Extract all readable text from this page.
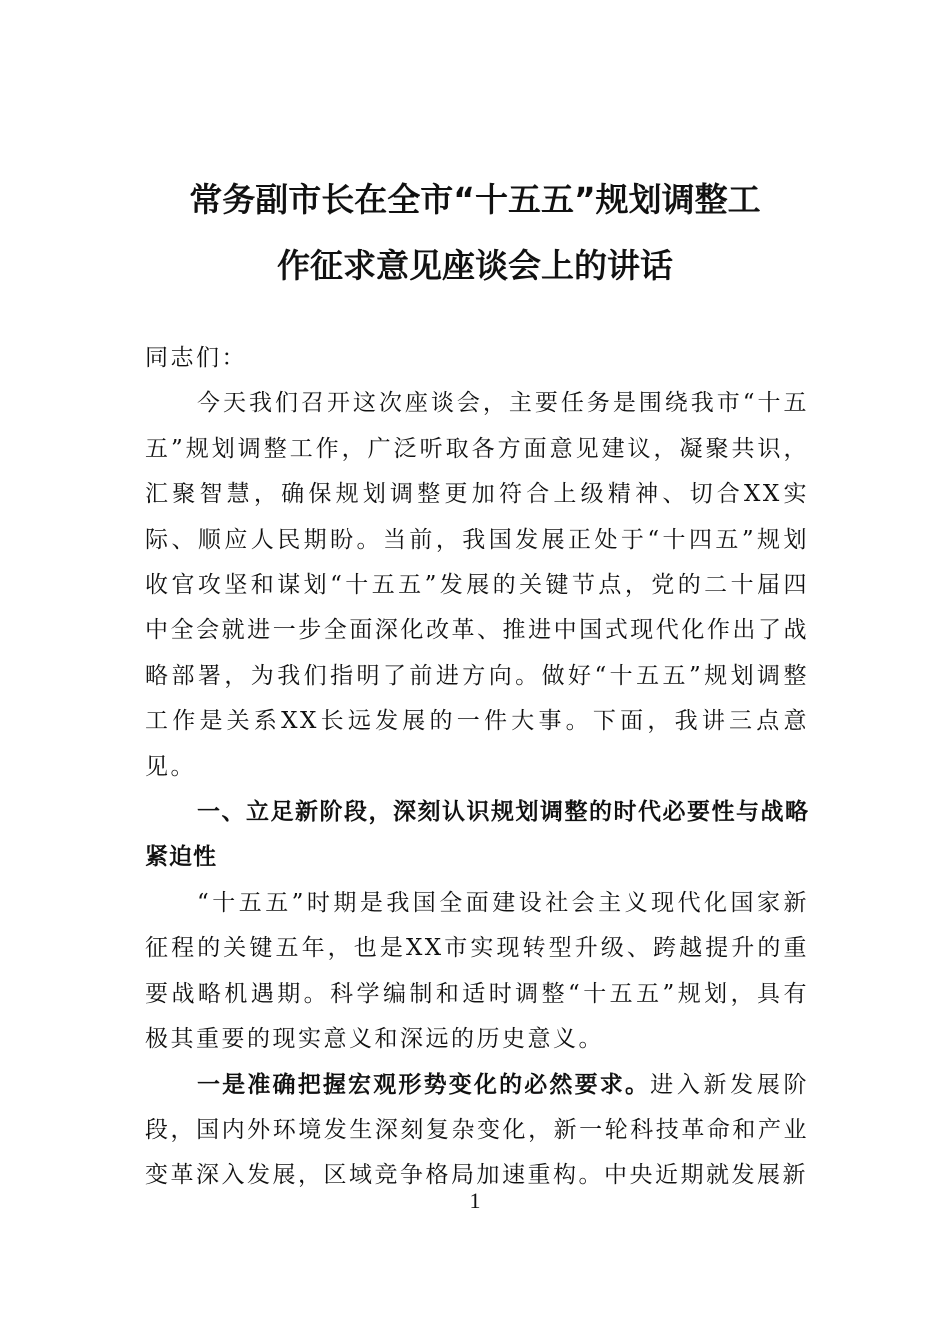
常务副市长在全市“十五五”规划调整工
作征求意见座谈会上的讲话

同志们：

今天我们召开这次座谈会，主要任务是围绕我市“十五五”规划调整工作，广泛听取各方面意见建议，凝聚共识，汇聚智慧，确保规划调整更加符合上级精神、切合XX实际、顺应人民期盼。当前，我国发展正处于“十四五”规划收官攻坚和谋划“十五五”发展的关键节点，党的二十届四中全会就进一步全面深化改革、推进中国式现代化作出了战略部署，为我们指明了前进方向。做好“十五五”规划调整工作是关系XX长远发展的一件大事。下面，我讲三点意见。

一、立足新阶段，深刻认识规划调整的时代必要性与战略紧迫性

“十五五”时期是我国全面建设社会主义现代化国家新征程的关键五年，也是XX市实现转型升级、跨越提升的重要战略机遇期。科学编制和适时调整“十五五”规划，具有极其重要的现实意义和深远的历史意义。

一是准确把握宏观形势变化的必然要求。进入新发展阶段，国内外环境发生深刻复杂变化，新一轮科技革命和产业变革深入发展，区域竞争格局加速重构。中央近期就发展新

1
